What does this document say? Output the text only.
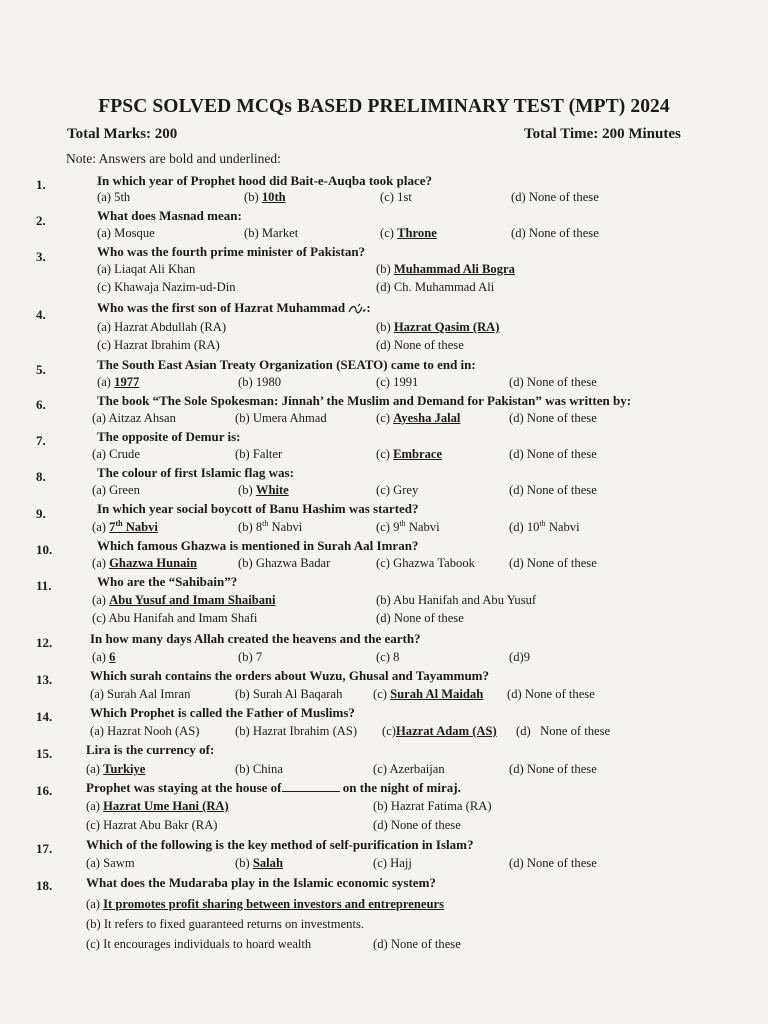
FPSC SOLVED MCQs BASED PRELIMINARY TEST (MPT) 2024
Total Marks: 200	Total Time: 200 Minutes
Note: Answers are bold and underlined:
1.	In which year of Prophet hood did Bait-e-Auqba took place?
(a) 5th	(b) 10th	(c) 1st	(d) None of these
2.	What does Masnad mean:
(a) Mosque	(b) Market	(c) Throne	(d) None of these
3.	Who was the fourth prime minister of Pakistan?
(a) Liaqat Ali Khan	(b) Muhammad Ali Bogra
(c) Khawaja Nazim-ud-Din	(d) Ch. Muhammad Ali
4.	Who was the first son of Hazrat Muhammad :
(a) Hazrat Abdullah (RA)	(b) Hazrat Qasim (RA)
(c) Hazrat Ibrahim (RA)	(d) None of these
5.	The South East Asian Treaty Organization (SEATO) came to end in:
(a) 1977	(b) 1980	(c) 1991	(d) None of these
6.	The book “The Sole Spokesman: Jinnah’ the Muslim and Demand for Pakistan” was written by:
(a) Aitzaz Ahsan	(b) Umera Ahmad	(c) Ayesha Jalal	(d) None of these
7.	The opposite of Demur is:
(a) Crude	(b) Falter	(c) Embrace	(d) None of these
8.	The colour of first Islamic flag was:
(a) Green	(b) White	(c) Grey	(d) None of these
9.	In which year social boycott of Banu Hashim was started?
(a) 7th Nabvi	(b) 8th Nabvi	(c) 9th Nabvi	(d) 10th Nabvi
10.	Which famous Ghazwa is mentioned in Surah Aal Imran?
(a) Ghazwa Hunain	(b) Ghazwa Badar	(c) Ghazwa Tabook	(d) None of these
11.	Who are the “Sahibain”?
(a) Abu Yusuf and Imam Shaibani	(b) Abu Hanifah and Abu Yusuf
(c) Abu Hanifah and Imam Shafi	(d) None of these
12.	In how many days Allah created the heavens and the earth?
(a) 6	(b) 7	(c) 8	(d)9
13.	Which surah contains the orders about Wuzu, Ghusal and Tayammum?
(a) Surah Aal Imran	(b) Surah Al Baqarah (c) Surah Al Maidah (d) None of these
14.	Which Prophet is called the Father of Muslims?
(a) Hazrat Nooh (AS)	(b) Hazrat Ibrahim (AS) (c)Hazrat Adam (AS) (d)   None of these
15.	Lira is the currency of:
(a) Turkiye	(b) China	(c) Azerbaijan	(d) None of these
16.	Prophet was staying at the house of	on the night of miraj.
(a) Hazrat Ume Hani (RA)	(b) Hazrat Fatima (RA)
(c) Hazrat Abu Bakr (RA)	(d) None of these
17.	Which of the following is the key method of self-purification in Islam?
(a) Sawm	(b) Salah	(c) Hajj	(d) None of these
18.	What does the Mudaraba play in the Islamic economic system?
(a) It promotes profit sharing between investors and entrepreneurs
(b) It refers to fixed guaranteed returns on investments.
(c) It encourages individuals to hoard wealth	(d) None of these
